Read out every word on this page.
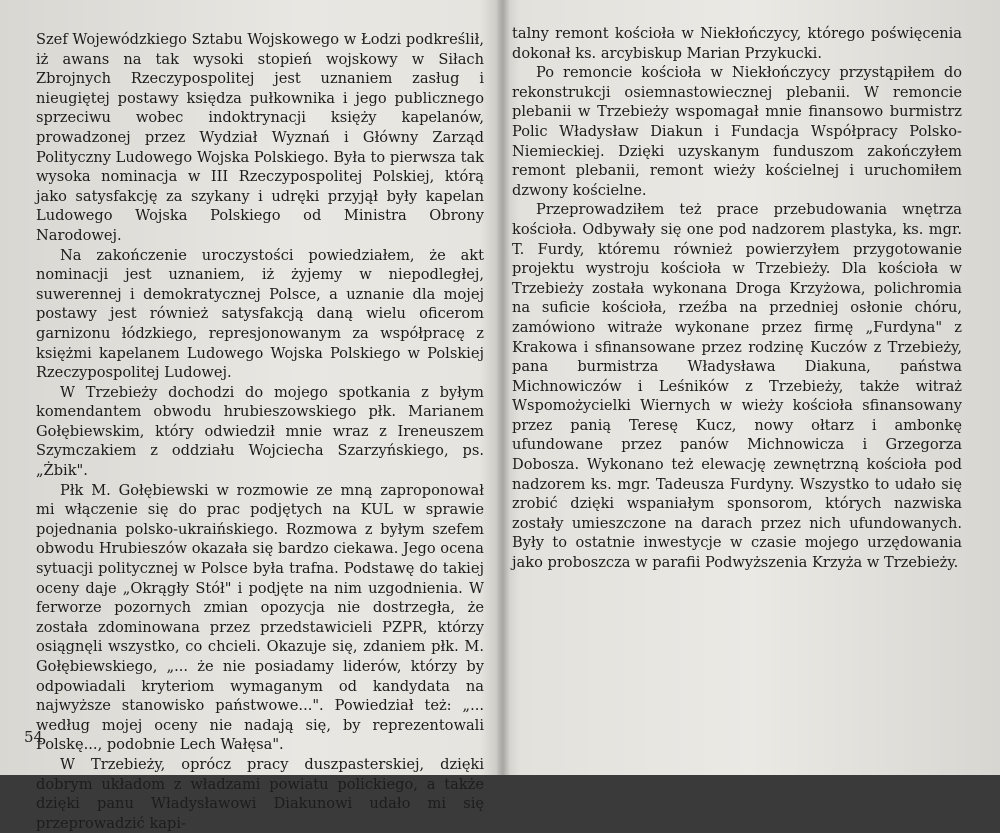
Szef Wojewódzkiego Sztabu Wojskowego w Łodzi podkreślił, iż awans na tak wysoki stopień wojskowy w Siłach Zbrojnych Rzeczypospolitej jest uznaniem zasług i nieugiętej postawy księdza pułkownika i jego publicznego sprzeciwu wobec indoktrynacji księży kapelanów, prowadzonej przez Wydział Wyznań i Główny Zarząd Polityczny Ludowego Wojska Polskiego. Była to pierwsza tak wysoka nominacja w III Rzeczypospolitej Polskiej, którą jako satysfakcję za szykany i udręki przyjął były kapelan Ludowego Wojska Polskiego od Ministra Obrony Narodowej.

Na zakończenie uroczystości powiedziałem, że akt nominacji jest uznaniem, iż żyjemy w niepodległej, suwerennej i demokratycznej Polsce, a uznanie dla mojej postawy jest również satysfakcją daną wielu oficerom garnizonu łódzkiego, represjonowanym za współpracę z księżmi kapelanem Ludowego Wojska Polskiego w Polskiej Rzeczypospolitej Ludowej.

W Trzebieży dochodzi do mojego spotkania z byłym komendantem obwodu hrubieszowskiego płk. Marianem Gołębiewskim, który odwiedził mnie wraz z Ireneuszem Szymczakiem z oddziału Wojciecha Szarzyńskiego, ps. „Żbik".

Płk M. Gołębiewski w rozmowie ze mną zaproponował mi włączenie się do prac podjętych na KUL w sprawie pojednania polsko-ukraińskiego. Rozmowa z byłym szefem obwodu Hrubieszów okazała się bardzo ciekawa. Jego ocena sytuacji politycznej w Polsce była trafna. Podstawę do takiej oceny daje „Okrągły Stół" i podjęte na nim uzgodnienia. W ferworze pozornych zmian opozycja nie dostrzegła, że została zdominowana przez przedstawicieli PZPR, którzy osiągnęli wszystko, co chcieli. Okazuje się, zdaniem płk. M. Gołębiewskiego, „... że nie posiadamy liderów, którzy by odpowiadali kryteriom wymaganym od kandydata na najwyższe stanowisko państwowe...". Powiedział też: „... według mojej oceny nie nadają się, by reprezentowali Polskę..., podobnie Lech Wałęsa".

W Trzebieży, oprócz pracy duszpasterskiej, dzięki dobrym układom z władzami powiatu polickiego, a także dzięki panu Władysławowi Diakunowi udało mi się przeprowadzić kapi-

54

talny remont kościoła w Niekłończycy, którego poświęcenia dokonał ks. arcybiskup Marian Przykucki.

Po remoncie kościoła w Niekłończycy przystąpiłem do rekonstrukcji osiemnastowiecznej plebanii. W remoncie plebanii w Trzebieży wspomagał mnie finansowo burmistrz Polic Władysław Diakun i Fundacja Współpracy Polsko-Niemieckiej. Dzięki uzyskanym funduszom zakończyłem remont plebanii, remont wieży kościelnej i uruchomiłem dzwony kościelne.

Przeprowadziłem też prace przebudowania wnętrza kościoła. Odbywały się one pod nadzorem plastyka, ks. mgr. T. Furdy, któremu również powierzyłem przygotowanie projektu wystroju kościoła w Trzebieży. Dla kościoła w Trzebieży została wykonana Droga Krzyżowa, polichromia na suficie kościoła, rzeźba na przedniej osłonie chóru, zamówiono witraże wykonane przez firmę „Furdyna" z Krakowa i sfinansowane przez rodzinę Kuczów z Trzebieży, pana burmistrza Władysława Diakuna, państwa Michnowiczów i Leśników z Trzebieży, także witraż Wspomożycielki Wiernych w wieży kościoła sfinansowany przez panią Teresę Kucz, nowy ołtarz i ambonkę ufundowane przez panów Michnowicza i Grzegorza Dobosza. Wykonano też elewację zewnętrzną kościoła pod nadzorem ks. mgr. Tadeusza Furdyny. Wszystko to udało się zrobić dzięki wspaniałym sponsorom, których nazwiska zostały umieszczone na darach przez nich ufundowanych. Były to ostatnie inwestycje w czasie mojego urzędowania jako proboszcza w parafii Podwyższenia Krzyża w Trzebieży.
